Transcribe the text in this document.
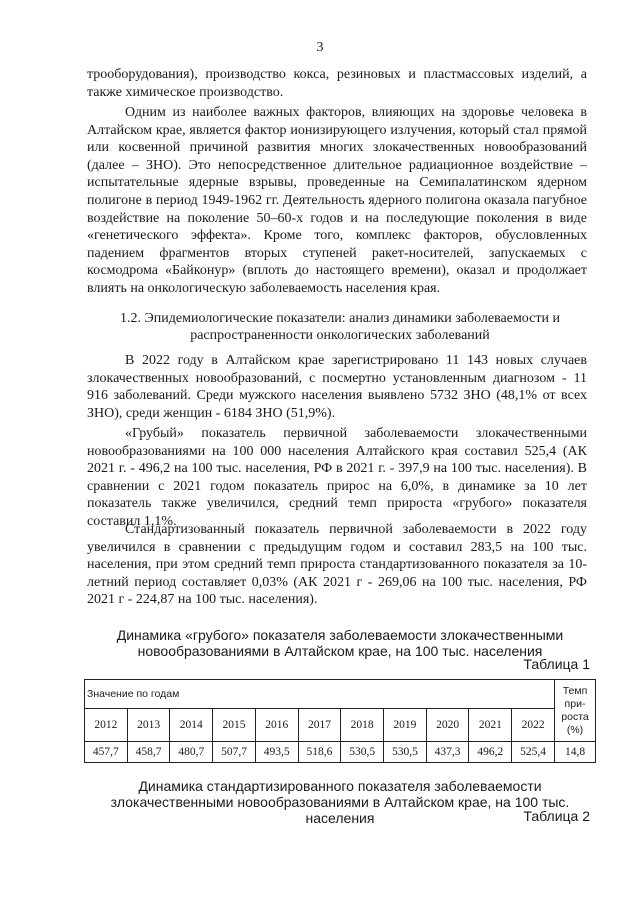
3

трооборудования), производство кокса, резиновых и пластмассовых изделий, а также химическое производство.

Одним из наиболее важных факторов, влияющих на здоровье человека в Алтайском крае, является фактор ионизирующего излучения, который стал прямой или косвенной причиной развития многих злокачественных новообразований (далее – ЗНО). Это непосредственное длительное радиационное воздействие – испытательные ядерные взрывы, проведенные на Семипалатинском ядерном полигоне в период 1949-1962 гг. Деятельность ядерного полигона оказала пагубное воздействие на поколение 50–60-х годов и на последующие поколения в виде «генетического эффекта». Кроме того, комплекс факторов, обусловленных падением фрагментов вторых ступеней ракет-носителей, запускаемых с космодрома «Байконур» (вплоть до настоящего времени), оказал и продолжает влиять на онкологическую заболеваемость населения края.

1.2. Эпидемиологические показатели: анализ динамики заболеваемости и распространенности онкологических заболеваний

В 2022 году в Алтайском крае зарегистрировано 11 143 новых случаев злокачественных новообразований, с посмертно установленным диагнозом - 11 916 заболеваний. Среди мужского населения выявлено 5732 ЗНО (48,1% от всех ЗНО), среди женщин - 6184 ЗНО (51,9%).

«Грубый» показатель первичной заболеваемости злокачественными новообразованиями на 100 000 населения Алтайского края составил 525,4 (АК 2021 г. - 496,2 на 100 тыс. населения, РФ в 2021 г. - 397,9 на 100 тыс. населения). В сравнении с 2021 годом показатель прирос на 6,0%, в динамике за 10 лет показатель также увеличился, средний темп прироста «грубого» показателя составил 1,1%.

Стандартизованный показатель первичной заболеваемости в 2022 году увеличился в сравнении с предыдущим годом и составил 283,5 на 100 тыс. населения, при этом средний темп прироста стандартизованного показателя за 10-летний период составляет 0,03% (АК 2021 г - 269,06 на 100 тыс. населения, РФ 2021 г - 224,87 на 100 тыс. населения).

Динамика «грубого» показателя заболеваемости злокачественными новообразованиями в Алтайском крае, на 100 тыс. населения
Таблица 1
Значение по годам											Темп при-роста (%)
2012	2013	2014	2015	2016	2017	2018	2019	2020	2021	2022	
457,7	458,7	480,7	507,7	493,5	518,6	530,5	530,5	437,3	496,2	525,4	14,8
Динамика стандартизированного показателя заболеваемости злокачественными новообразованиями в Алтайском крае, на 100 тыс. населения	Таблица 2
